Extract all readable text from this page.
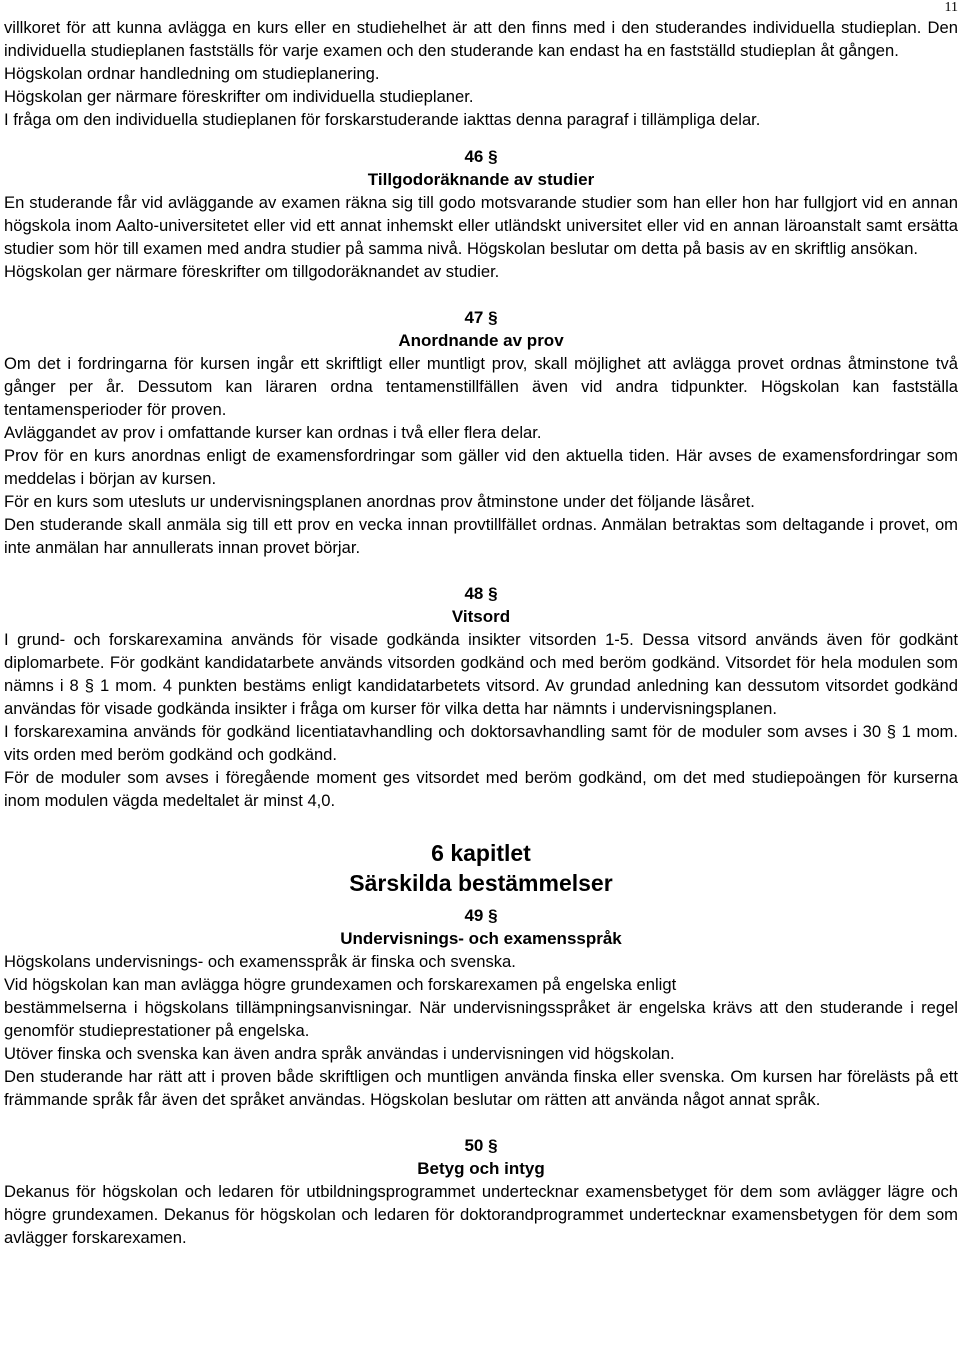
11

villkoret för att kunna avlägga en kurs eller en studiehelhet är att den finns med i den studerandes individuella studieplan. Den individuella studieplanen fastställs för varje examen och den studerande kan endast ha en fastställd studieplan åt gången.

Högskolan ordnar handledning om studieplanering.

Högskolan ger närmare föreskrifter om individuella studieplaner.

I fråga om den individuella studieplanen för forskarstuderande iakttas denna paragraf i tillämpliga delar.

46 §

Tillgodoräknande av studier

En studerande får vid avläggande av examen räkna sig till godo motsvarande studier som han eller hon har fullgjort vid en annan högskola inom Aalto-universitetet eller vid ett annat inhemskt eller utländskt universitet eller vid en annan läroanstalt samt ersätta studier som hör till examen med andra studier på samma nivå. Högskolan beslutar om detta på basis av en skriftlig ansökan.

Högskolan ger närmare föreskrifter om tillgodoräknandet av studier.

47 §

Anordnande av prov

Om det i fordringarna för kursen ingår ett skriftligt eller muntligt prov, skall möjlighet att avlägga provet ordnas åtminstone två gånger per år. Dessutom kan läraren ordna tentamenstillfällen även vid andra tidpunkter. Högskolan kan fastställa tentamensperioder för proven.

Avläggandet av prov i omfattande kurser kan ordnas i två eller flera delar.

Prov för en kurs anordnas enligt de examensfordringar som gäller vid den aktuella tiden. Här avses de examensfordringar som meddelas i början av kursen.

För en kurs som utesluts ur undervisningsplanen anordnas prov åtminstone under det följande läsåret.

Den studerande skall anmäla sig till ett prov en vecka innan provtillfället ordnas. Anmälan betraktas som deltagande i provet, om inte anmälan har annullerats innan provet börjar.

48 §

Vitsord

I grund- och forskarexamina används för visade godkända insikter vitsorden 1-5. Dessa vitsord används även för godkänt diplomarbete. För godkänt kandidatarbete används vitsorden godkänd och med beröm godkänd. Vitsordet för hela modulen som nämns i 8 § 1 mom. 4 punkten bestäms enligt kandidatarbetets vitsord. Av grundad anledning kan dessutom vitsordet godkänd användas för visade godkända insikter i fråga om kurser för vilka detta har nämnts i undervisningsplanen.

I forskarexamina används för godkänd licentiatavhandling och doktorsavhandling samt för de moduler som avses i 30 § 1 mom. vits orden med beröm godkänd och godkänd.

För de moduler som avses i föregående moment ges vitsordet med beröm godkänd, om det med studiepoängen för kurserna inom modulen vägda medeltalet är minst 4,0.

6 kapitlet

Särskilda bestämmelser

49 §

Undervisnings- och examensspråk

Högskolans undervisnings- och examensspråk är finska och svenska.

Vid högskolan kan man avlägga högre grundexamen och forskarexamen på engelska enligt

bestämmelserna i högskolans tillämpningsanvisningar. När undervisningsspråket är engelska krävs att den studerande i regel genomför studieprestationer på engelska.

Utöver finska och svenska kan även andra språk användas i undervisningen vid högskolan.

Den studerande har rätt att i proven både skriftligen och muntligen använda finska eller svenska. Om kursen har förelästs på ett främmande språk får även det språket användas. Högskolan beslutar om rätten att använda något annat språk.

50 §

Betyg och intyg

Dekanus för högskolan och ledaren för utbildningsprogrammet undertecknar examensbetyget för dem som avlägger lägre och högre grundexamen. Dekanus för högskolan och ledaren för doktorandprogrammet undertecknar examensbetygen för dem som avlägger forskarexamen.
